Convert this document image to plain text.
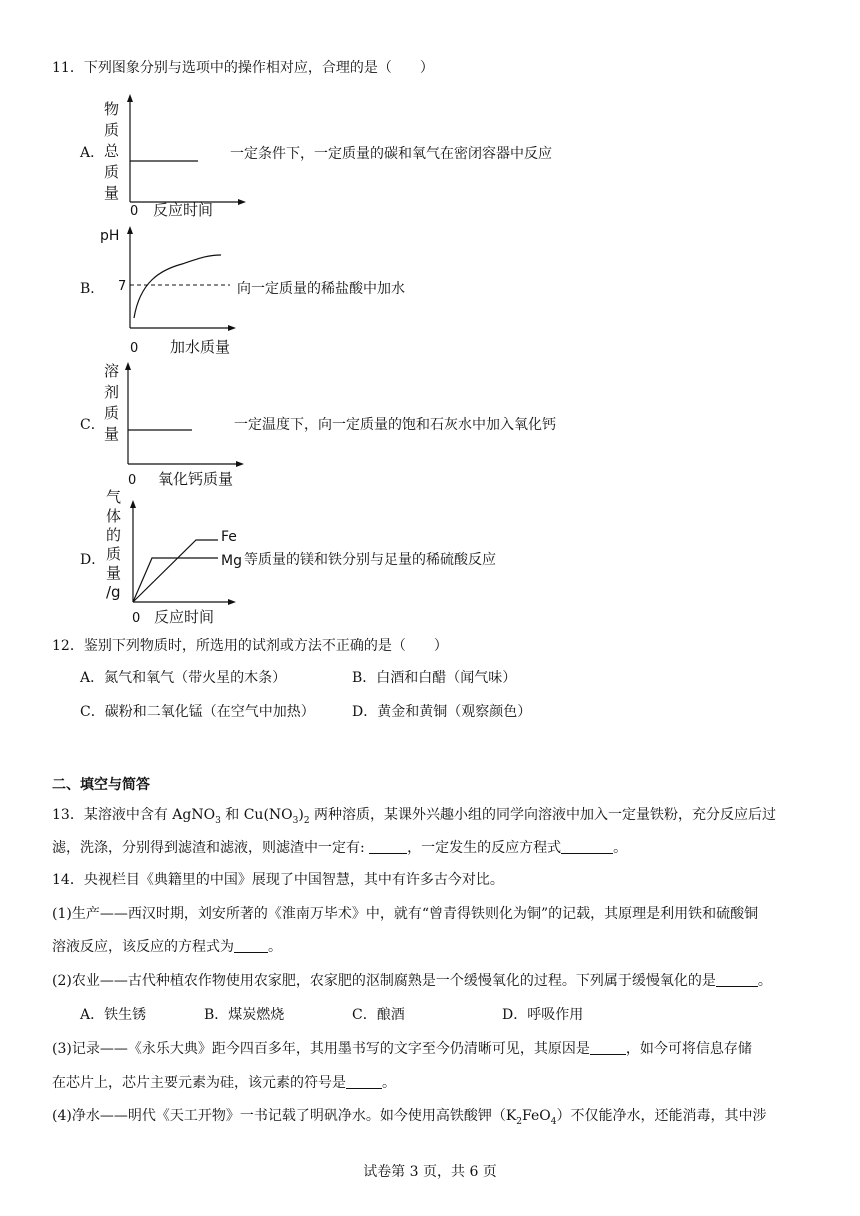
11．下列图象分别与选项中的操作相对应，合理的是（　　）
A．
物
质
总
质
量
0 反应时间
一定条件下，一定质量的碳和氧气在密闭容器中反应
B．
pH
7
0 加水质量
向一定质量的稀盐酸中加水
C．
溶
剂
质
量
0 氧化钙质量
一定温度下，向一定质量的饱和石灰水中加入氧化钙
D．
气
体
的
质
量
/g
Fe
Mg
0 反应时间
等质量的镁和铁分别与足量的稀硫酸反应
12．鉴别下列物质时，所选用的试剂或方法不正确的是（　　）
A．氮气和氧气（带火星的木条）	B．白酒和白醋（闻气味）
C．碳粉和二氧化锰（在空气中加热）	D．黄金和黄铜（观察颜色）
二、填空与简答
13．某溶液中含有 AgNO$_3$ 和 $Cu(NO_3)_2$ 两种溶质，某课外兴趣小组的同学向溶液中加入一定量铁粉，充分反应后过
滤，洗涤，分别得到滤渣和滤液，则滤渣中一定有:	，一定发生的反应方程式	。
14．央视栏目《典籍里的中国》展现了中国智慧，其中有许多古今对比。
(1)生产——西汉时期，刘安所著的《淮南万毕术》中，就有“曾青得铁则化为铜”的记载，其原理是利用铁和硫酸铜
溶液反应，该反应的方程式为 。
(2)农业——古代种植农作物使用农家肥，农家肥的沤制腐熟是一个缓慢氧化的过程。下列属于缓慢氧化的是	。
A．铁生锈	B．煤炭燃烧	C．酿酒	D．呼吸作用
(3)记录——《永乐大典》距今四百多年，其用墨书写的文字至今仍清晰可见，其原因是	，如今可将信息存储
在芯片上，芯片主要元素为硅，该元素的符号是	。
(4)净水——明代《天工开物》一书记载了明矾净水。如今使用高铁酸钾$(K_2FeO_4)$不仅能净水，还能消毒，其中涉
试卷第 3 页，共 6 页
